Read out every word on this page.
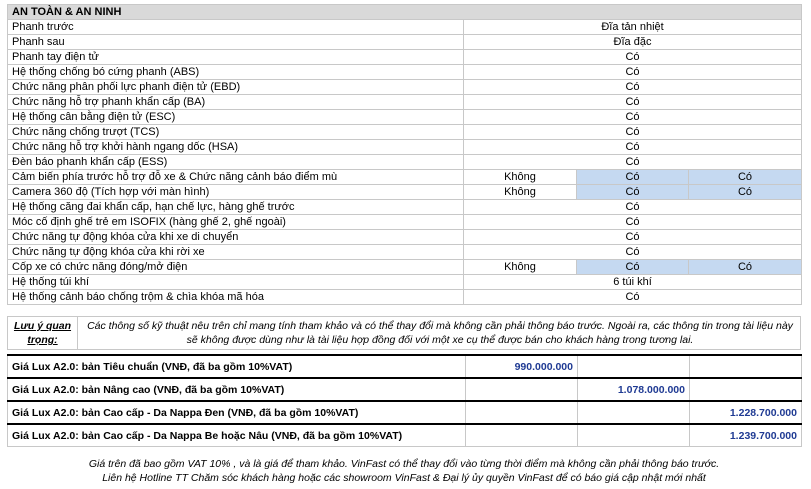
AN TOÀN & AN NINH			
Phanh trước	Đĩa tản nhiệt		
Phanh sau	Đĩa đặc		
Phanh tay điện tử	Có		
Hệ thống chống bó cứng phanh (ABS)	Có		
Chức năng phân phối lực phanh điện tử (EBD)	Có		
Chức năng hỗ trợ phanh khẩn cấp (BA)	Có		
Hệ thống cân bằng điện tử (ESC)	Có		
Chức năng chống trượt (TCS)	Có		
Chức năng hỗ trợ khởi hành ngang dốc (HSA)	Có		
Đèn báo phanh khẩn cấp (ESS)	Có		
Cảm biến phía trước hỗ trợ đỗ xe & Chức năng cảnh báo điểm mù	Không	Có	Có
Camera 360 độ (Tích hợp với màn hình)	Không	Có	Có
Hệ thống căng đai khẩn cấp, hạn chế lực, hàng ghế trước	Có		
Móc cố định ghế trẻ em ISOFIX (hàng ghế 2, ghế ngoài)	Có		
Chức năng tự động khóa cửa khi xe di chuyển	Có		
Chức năng tự động khóa cửa khi rời xe	Có		
Cốp xe có chức năng đóng/mở điện	Không	Có	Có
Hệ thống túi khí	6 túi khí		
Hệ thống cảnh báo chống trộm & chìa khóa mã hóa	Có		
Lưu ý quan trọng:
Các thông số kỹ thuật nêu trên chỉ mang tính tham khảo và có thể thay đổi mà không cần phải thông báo trước. Ngoài ra, các thông tin trong tài liệu này sẽ không được dùng như là tài liệu hợp đồng đối với một xe cụ thể được bán cho khách hàng trong tương lai.
Giá Lux A2.0: bản Tiêu chuẩn (VNĐ, đã ba gồm 10%VAT)	990.000.000		
Giá Lux A2.0: bản Nâng cao (VNĐ, đã ba gồm 10%VAT)		1.078.000.000	
Giá Lux A2.0: bản Cao cấp - Da Nappa Đen (VNĐ, đã ba gồm 10%VAT)			1.228.700.000
Giá Lux A2.0: bản Cao cấp - Da Nappa Be hoặc Nâu (VNĐ, đã ba gồm 10%VAT)			1.239.700.000
Giá trên đã bao gồm VAT 10% , và là giá để tham khảo. VinFast có thể thay đổi vào từng thời điểm mà không cần phải thông báo trước.
Liên hệ Hotline TT Chăm sóc khách hàng hoặc các showroom VinFast & Đại lý ủy quyền VinFast để có báo giá cập nhật mới nhất
